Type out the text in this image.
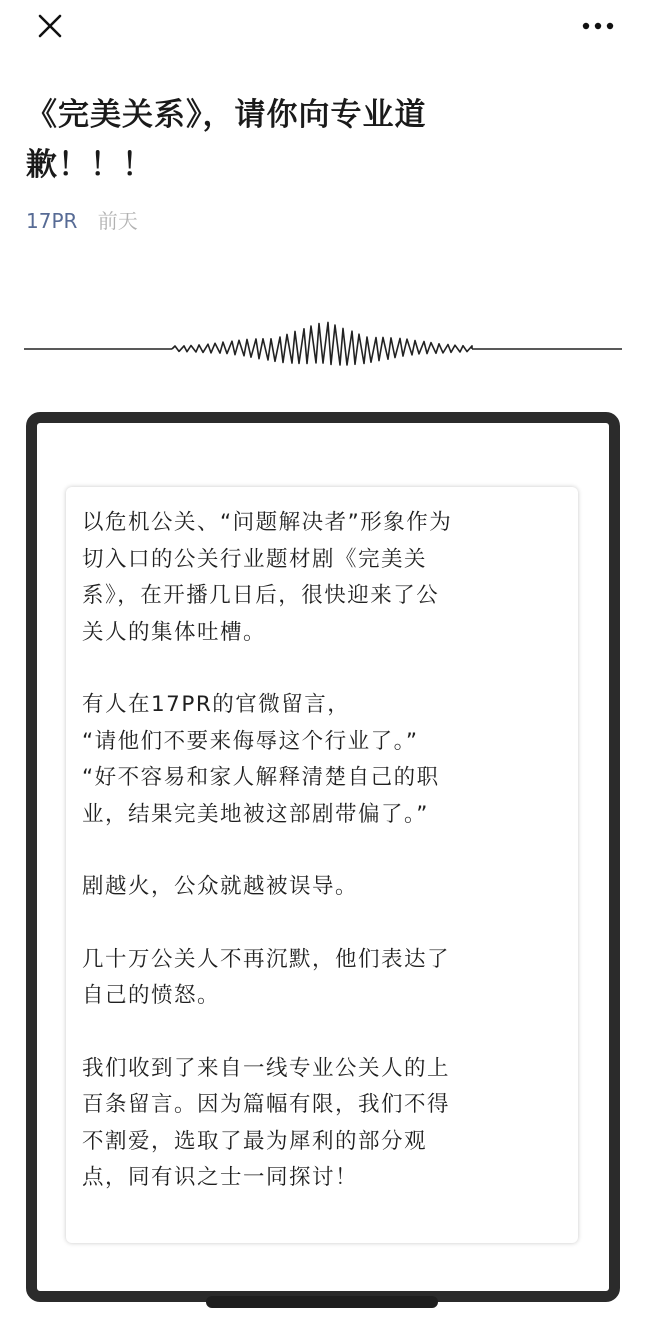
《完美关系》，请你向专业道
歉！！！
17PR 前天

以危机公关、“问题解决者”形象作为
切入口的公关行业题材剧《完美关
系》，在开播几日后，很快迎来了公
关人的集体吐槽。

有人在17PR的官微留言，
“请他们不要来侮辱这个行业了。”
“好不容易和家人解释清楚自己的职
业，结果完美地被这部剧带偏了。”

剧越火，公众就越被误导。

几十万公关人不再沉默，他们表达了
自己的愤怒。

我们收到了来自一线专业公关人的上
百条留言。因为篇幅有限，我们不得
不割爱，选取了最为犀利的部分观
点，同有识之士一同探讨！
